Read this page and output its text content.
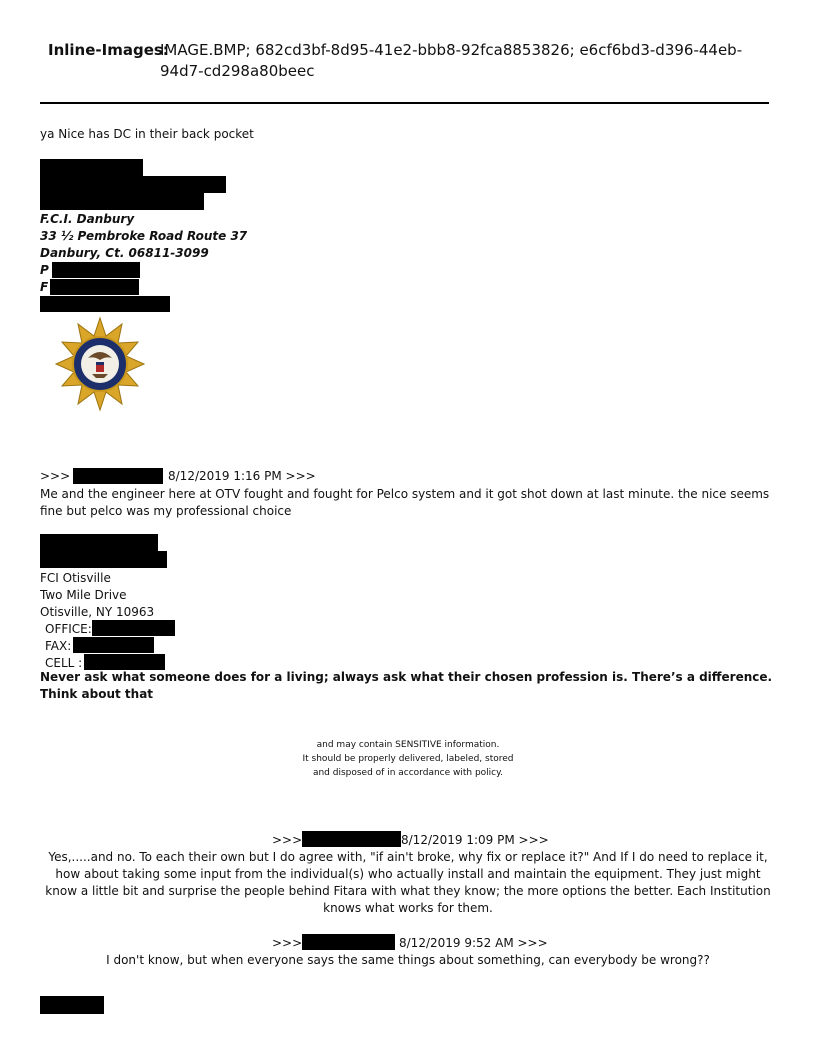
Inline-Images:
IMAGE.BMP; 682cd3bf-8d95-41e2-bbb8-92fca8853826; e6cf6bd3-d396-44eb-94d7-cd298a80beec
ya Nice has DC in their back pocket
F.C.I. Danbury
33 ½ Pembroke Road Route 37
Danbury, Ct. 06811-3099
P
F
>>>	8/12/2019 1:16 PM >>>
Me and the engineer here at OTV fought and fought for Pelco system and it got shot down at last minute. the nice seems fine but pelco was my professional choice
FCI Otisville
Two Mile Drive
Otisville, NY 10963
OFFICE:
FAX:
CELL :
Never ask what someone does for a living; always ask what their chosen profession is. There’s a difference. Think about that
and may contain SENSITIVE information.
It should be properly delivered, labeled, stored
and disposed of in accordance with policy.
>>>	8/12/2019 1:09 PM >>>
Yes,.....and no. To each their own but I do agree with, "if ain't broke, why fix or replace it?" And If I do need to replace it, how about taking some input from the individual(s) who actually install and maintain the equipment. They just might know a little bit and surprise the people behind Fitara with what they know; the more options the better. Each Institution knows what works for them.
>>>	8/12/2019 9:52 AM >>>
I don't know, but when everyone says the same things about something, can everybody be wrong??
